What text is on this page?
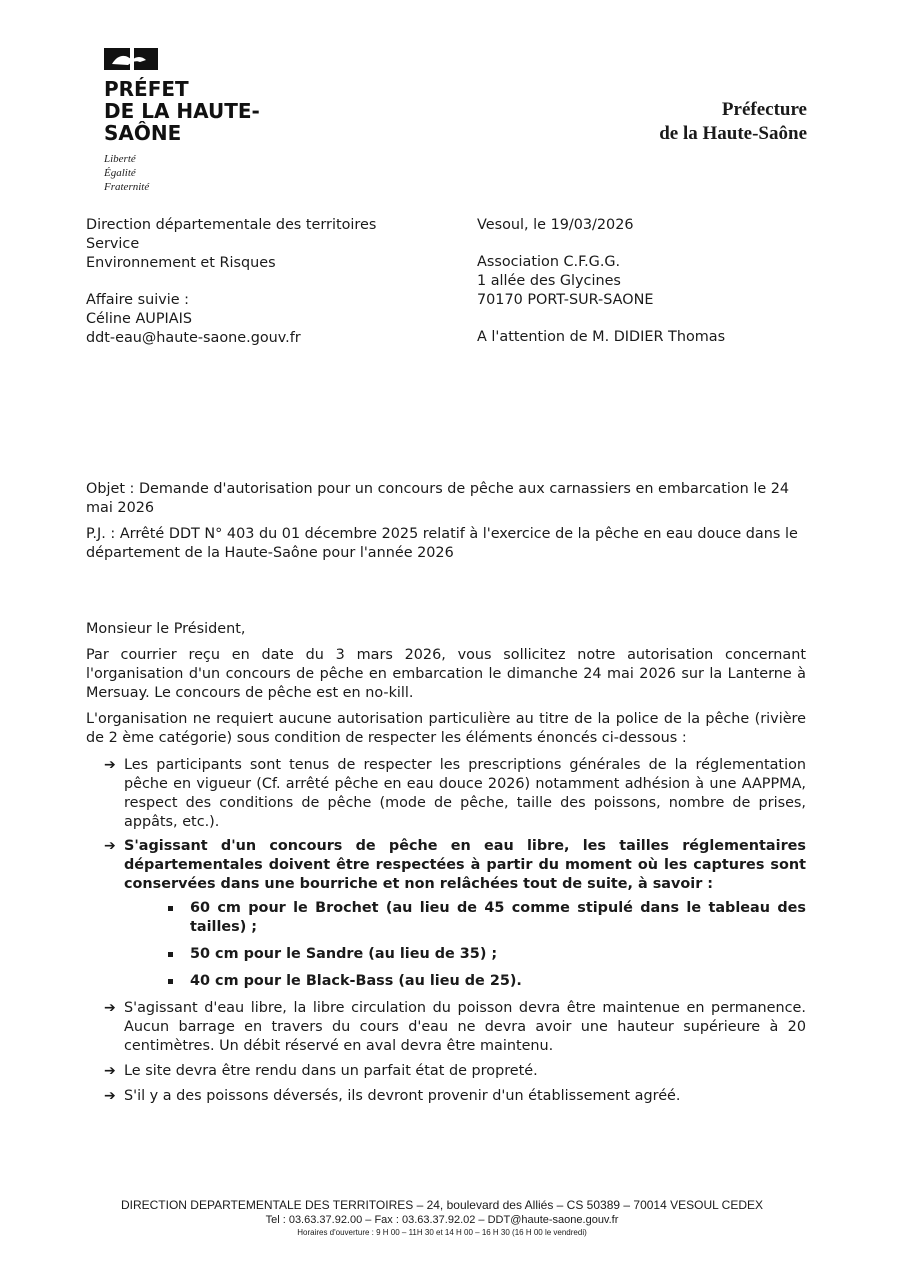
PRÉFET
DE LA HAUTE-
SAÔNE
Liberté
Égalité
Fraternité
Préfecture
de la Haute-Saône
Direction départementale des territoires
Service
Environnement et Risques
Affaire suivie :
Céline AUPIAIS
ddt-eau@haute-saone.gouv.fr
Vesoul, le 19/03/2026
Association C.F.G.G.
1 allée des Glycines
70170 PORT-SUR-SAONE
A l'attention de M. DIDIER Thomas
Objet : Demande d'autorisation pour un concours de pêche aux carnassiers en embarcation le 24 mai 2026
P.J. : Arrêté DDT N° 403 du 01 décembre 2025 relatif à l'exercice de la pêche en eau douce dans le département de la Haute-Saône pour l'année 2026
Monsieur le Président,
Par courrier reçu en date du 3 mars 2026, vous sollicitez notre autorisation concernant l'organisation d'un concours de pêche en embarcation le dimanche 24 mai 2026 sur la Lanterne à Mersuay. Le concours de pêche est en no-kill.
L'organisation ne requiert aucune autorisation particulière au titre de la police de la pêche (rivière de 2 ème catégorie) sous condition de respecter les éléments énoncés ci-dessous :
➔ Les participants sont tenus de respecter les prescriptions générales de la réglementation pêche en vigueur (Cf. arrêté pêche en eau douce 2026) notamment adhésion à une AAPPMA, respect des conditions de pêche (mode de pêche, taille des poissons, nombre de prises, appâts, etc.).
➔ S'agissant d'un concours de pêche en eau libre, les tailles réglementaires départementales doivent être respectées à partir du moment où les captures sont conservées dans une bourriche et non relâchées tout de suite, à savoir :
60 cm pour le Brochet (au lieu de 45 comme stipulé dans le tableau des tailles) ;
50 cm pour le Sandre (au lieu de 35) ;
40 cm pour le Black-Bass (au lieu de 25).
➔ S'agissant d'eau libre, la libre circulation du poisson devra être maintenue en permanence. Aucun barrage en travers du cours d'eau ne devra avoir une hauteur supérieure à 20 centimètres. Un débit réservé en aval devra être maintenu.
➔ Le site devra être rendu dans un parfait état de propreté.
➔ S'il y a des poissons déversés, ils devront provenir d'un établissement agréé.
DIRECTION DEPARTEMENTALE DES TERRITOIRES – 24, boulevard des Alliés – CS 50389 – 70014 VESOUL CEDEX
Tel : 03.63.37.92.00 – Fax : 03.63.37.92.02 – DDT@haute-saone.gouv.fr
Horaires d'ouverture : 9 H 00 – 11H 30 et 14 H 00 – 16 H 30 (16 H 00 le vendredi)
